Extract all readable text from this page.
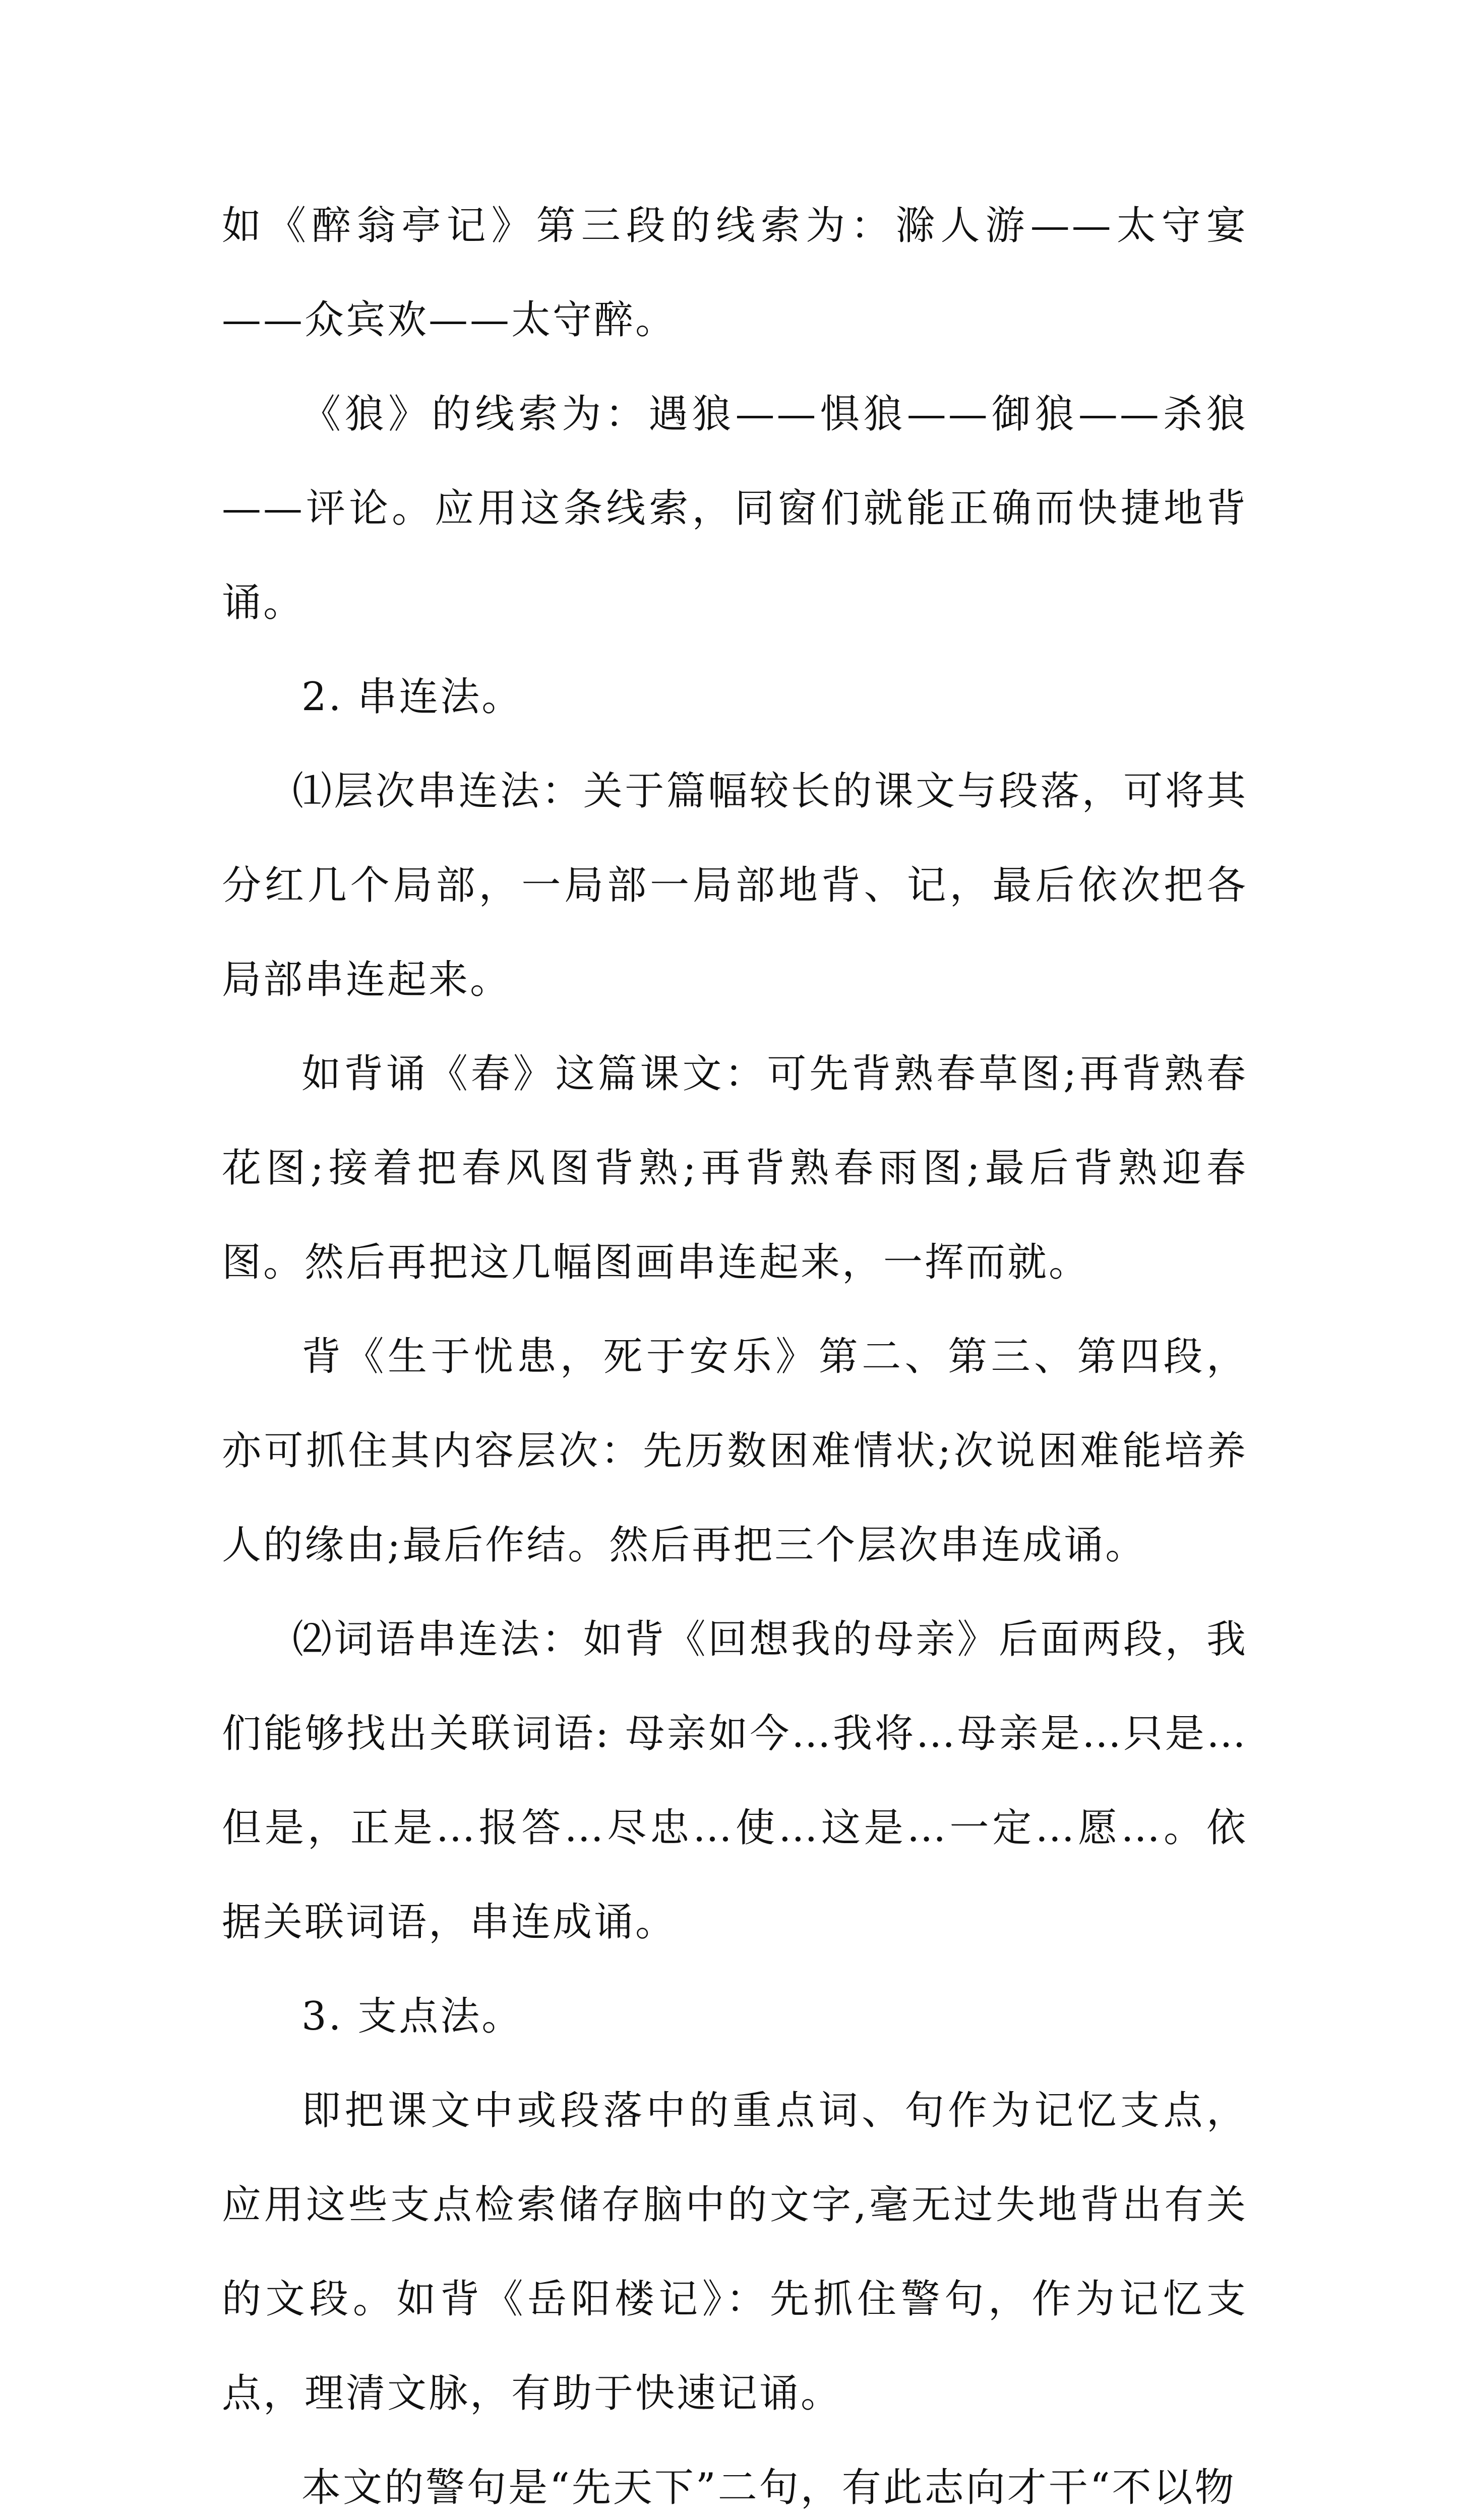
如《醉翁亭记》第三段的线索为：滁人游——太守宴——众宾欢——太守醉。

《狼》的线索为：遇狼——惧狼——御狼——杀狼——评论。应用这条线索，同窗们就能正确而快捷地背诵。

2. 串连法。

⑴层次串连法：关于篇幅较长的课文与段落，可将其分红几个局部，一局部一局部地背、记，最后依次把各局部串连起来。

如背诵《春》这篇课文：可先背熟春草图;再背熟春花图;接着把春风图背熟;再背熟春雨图;最后背熟迎春图。然后再把这几幅图画串连起来，一挥而就。

背《生于忧患，死于安乐》第二、第三、第四段，亦可抓住其内容层次：先历数困难情状;次说困难能培养人的缘由;最后作结。然后再把三个层次串连成诵。

⑵词语串连法：如背《回想我的母亲》后面两段，我们能够找出关联词语: 母亲如今…我将…母亲是…只是…但是，正是…报答…尽忠…使…这是…一定…愿…。依据关联词语，串连成诵。

3. 支点法。

即把课文中或段落中的重点词、句作为记忆支点，应用这些支点检索储存脑中的文字,毫无过失地背出有关的文段。如背《岳阳楼记》：先抓住警句，作为记忆支点，理清文脉，有助于快速记诵。

本文的警句是“先天下”二句，有此志向才干“不以物
